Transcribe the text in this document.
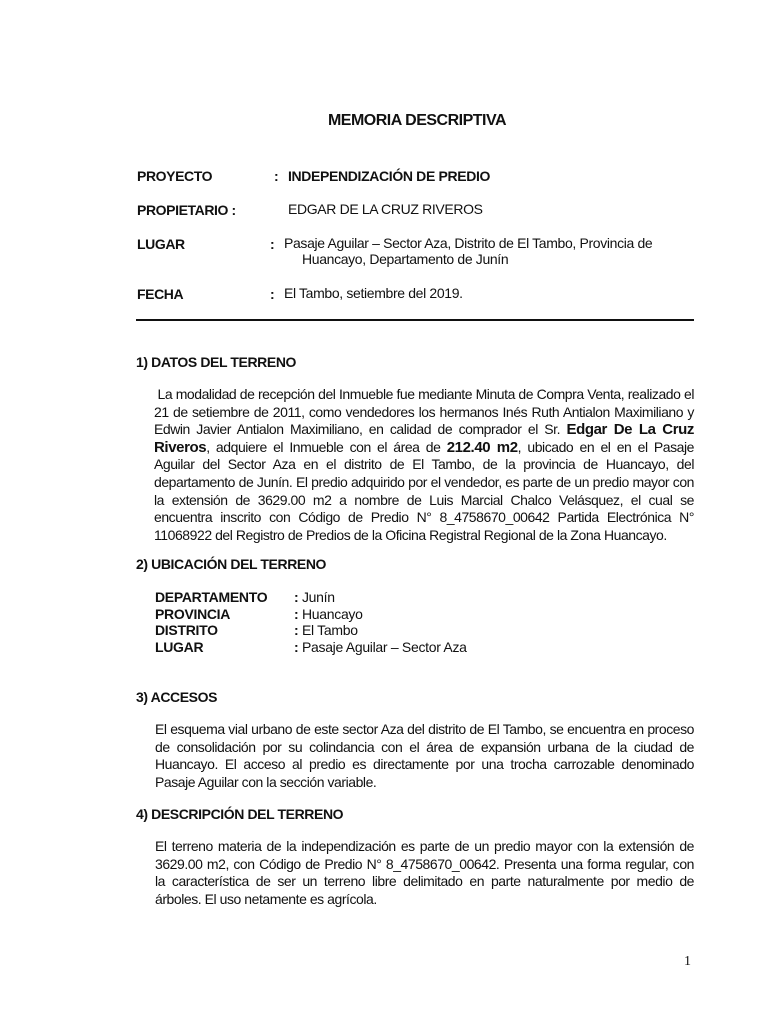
MEMORIA DESCRIPTIVA
PROYECTO	: INDEPENDIZACIÓN DE PREDIO
PROPIETARIO :	EDGAR DE LA CRUZ RIVEROS
LUGAR	: Pasaje Aguilar – Sector Aza, Distrito de El Tambo, Provincia de
Huancayo, Departamento de Junín
FECHA	: El Tambo, setiembre del 2019.
1) DATOS DEL TERRENO
La modalidad de recepción del Inmueble fue mediante Minuta de Compra Venta, realizado el 21 de setiembre de 2011, como vendedores los hermanos Inés Ruth Antialon Maximiliano y Edwin Javier Antialon Maximiliano, en calidad de comprador el Sr. Edgar De La Cruz Riveros, adquiere el Inmueble con el área de 212.40 m2, ubicado en el en el Pasaje Aguilar del Sector Aza en el distrito de El Tambo, de la provincia de Huancayo, del departamento de Junín. El predio adquirido por el vendedor, es parte de un predio mayor con la extensión de 3629.00 m2 a nombre de Luis Marcial Chalco Velásquez, el cual se encuentra inscrito con Código de Predio N° 8_4758670_00642 Partida Electrónica N° 11068922 del Registro de Predios de la Oficina Registral Regional de la Zona Huancayo.
2) UBICACIÓN DEL TERRENO
DEPARTAMENTO	: Junín
PROVINCIA	: Huancayo
DISTRITO	: El Tambo
LUGAR	: Pasaje Aguilar – Sector Aza
3) ACCESOS
El esquema vial urbano de este sector Aza del distrito de El Tambo, se encuentra en proceso de consolidación por su colindancia con el área de expansión urbana de la ciudad de Huancayo. El acceso al predio es directamente por una trocha carrozable denominado Pasaje Aguilar con la sección variable.
4) DESCRIPCIÓN DEL TERRENO
El terreno materia de la independización es parte de un predio mayor con la extensión de 3629.00 m2, con Código de Predio N° 8_4758670_00642. Presenta una forma regular, con la característica de ser un terreno libre delimitado en parte naturalmente por medio de árboles. El uso netamente es agrícola.
1
